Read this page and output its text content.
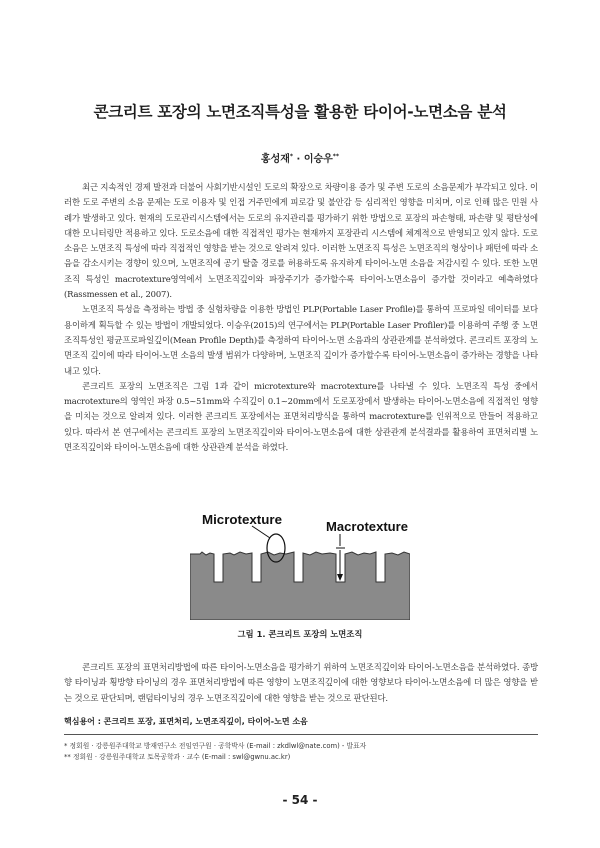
콘크리트 포장의 노면조직특성을 활용한 타이어-노면소음 분석
홍성재* · 이승우**

최근 지속적인 경제 발전과 더불어 사회기반시설인 도로의 확장으로 차량이용 증가 및 주변 도로의 소음문제가 부각되고 있다. 이러한 도로 주변의 소음 문제는 도로 이용자 및 인접 거주민에게 피로감 및 불안감 등 심리적인 영향을 미치며, 이로 인해 많은 민원 사례가 발생하고 있다. 현재의 도로관리시스템에서는 도로의 유지관리를 평가하기 위한 방법으로 포장의 파손형태, 파손량 및 평탄성에 대한 모니터링만 적용하고 있다. 도로소음에 대한 직접적인 평가는 현재까지 포장관리 시스템에 체계적으로 반영되고 있지 않다. 도로소음은 노면조직 특성에 따라 직접적인 영향을 받는 것으로 알려져 있다. 이러한 노면조직 특성은 노면조직의 형상이나 패턴에 따라 소음을 감소시키는 경향이 있으며, 노면조직에 공기 탈출 경로를 허용하도록 유지하게 타이어-노면 소음을 저감시킬 수 있다. 또한 노면조직 특성인 macrotexture영역에서 노면조직깊이와 파장주기가 증가할수록 타이어-노면소음이 증가할 것이라고 예측하였다(Rassmessen et al., 2007).

노면조직 특성을 측정하는 방법 중 실험차량을 이용한 방법인 PLP(Portable Laser Profile)를 통하여 프로파일 데이터를 보다 용이하게 획득할 수 있는 방법이 개발되었다. 이승우(2015)의 연구에서는 PLP(Portable Laser Profiler)를 이용하여 주행 중 노면조직특성인 평균프로파일깊이(Mean Profile Depth)를 측정하여 타이어-노면 소음과의 상관관계를 분석하였다. 콘크리트 포장의 노면조직 깊이에 따라 타이어-노면 소음의 발생 범위가 다양하며, 노면조직 깊이가 증가할수록 타이어-노면소음이 증가하는 경향을 나타내고 있다.

콘크리트 포장의 노면조직은 그림 1과 같이 microtexture와 macrotexture를 나타낼 수 있다. 노면조직 특성 중에서 macrotexture의 영역인 파장 0.5~51mm와 수직깊이 0.1~20mm에서 도로포장에서 발생하는 타이어-노면소음에 직접적인 영향을 미치는 것으로 알려져 있다. 이러한 콘크리트 포장에서는 표면처리방식을 통하여 macrotexture를 인위적으로 만들어 적용하고 있다. 따라서 본 연구에서는 콘크리트 포장의 노면조직깊이와 타이어-노면소음에 대한 상관관계 분석결과를 활용하여 표면처리별 노면조직깊이와 타이어-노면소음에 대한 상관관계 분석을 하였다.

Microtexture	Macrotexture
그림 1. 콘크리트 포장의 노면조직

콘크리트 포장의 표면처리방법에 따른 타이어-노면소음을 평가하기 위하여 노면조직깊이와 타이어-노면소음을 분석하였다. 종방향 타이닝과 횡방향 타이닝의 경우 표면처리방법에 따른 영향이 노면조직깊이에 대한 영향보다 타이어-노면소음에 더 많은 영향을 받는 것으로 판단되며, 랜덤타이닝의 경우 노면조직깊이에 대한 영향을 받는 것으로 판단된다.

핵심용어 : 콘크리트 포장, 표면처리, 노면조직깊이, 타이어-노면 소음
* 정회원 · 강릉원주대학교 방재연구소 전임연구원 · 공학박사 (E-mail : zkdlwl@nate.com) - 발표자
** 정회원 · 강릉원주대학교 토목공학과 · 교수 (E-mail : swl@gwnu.ac.kr)
- 54 -
